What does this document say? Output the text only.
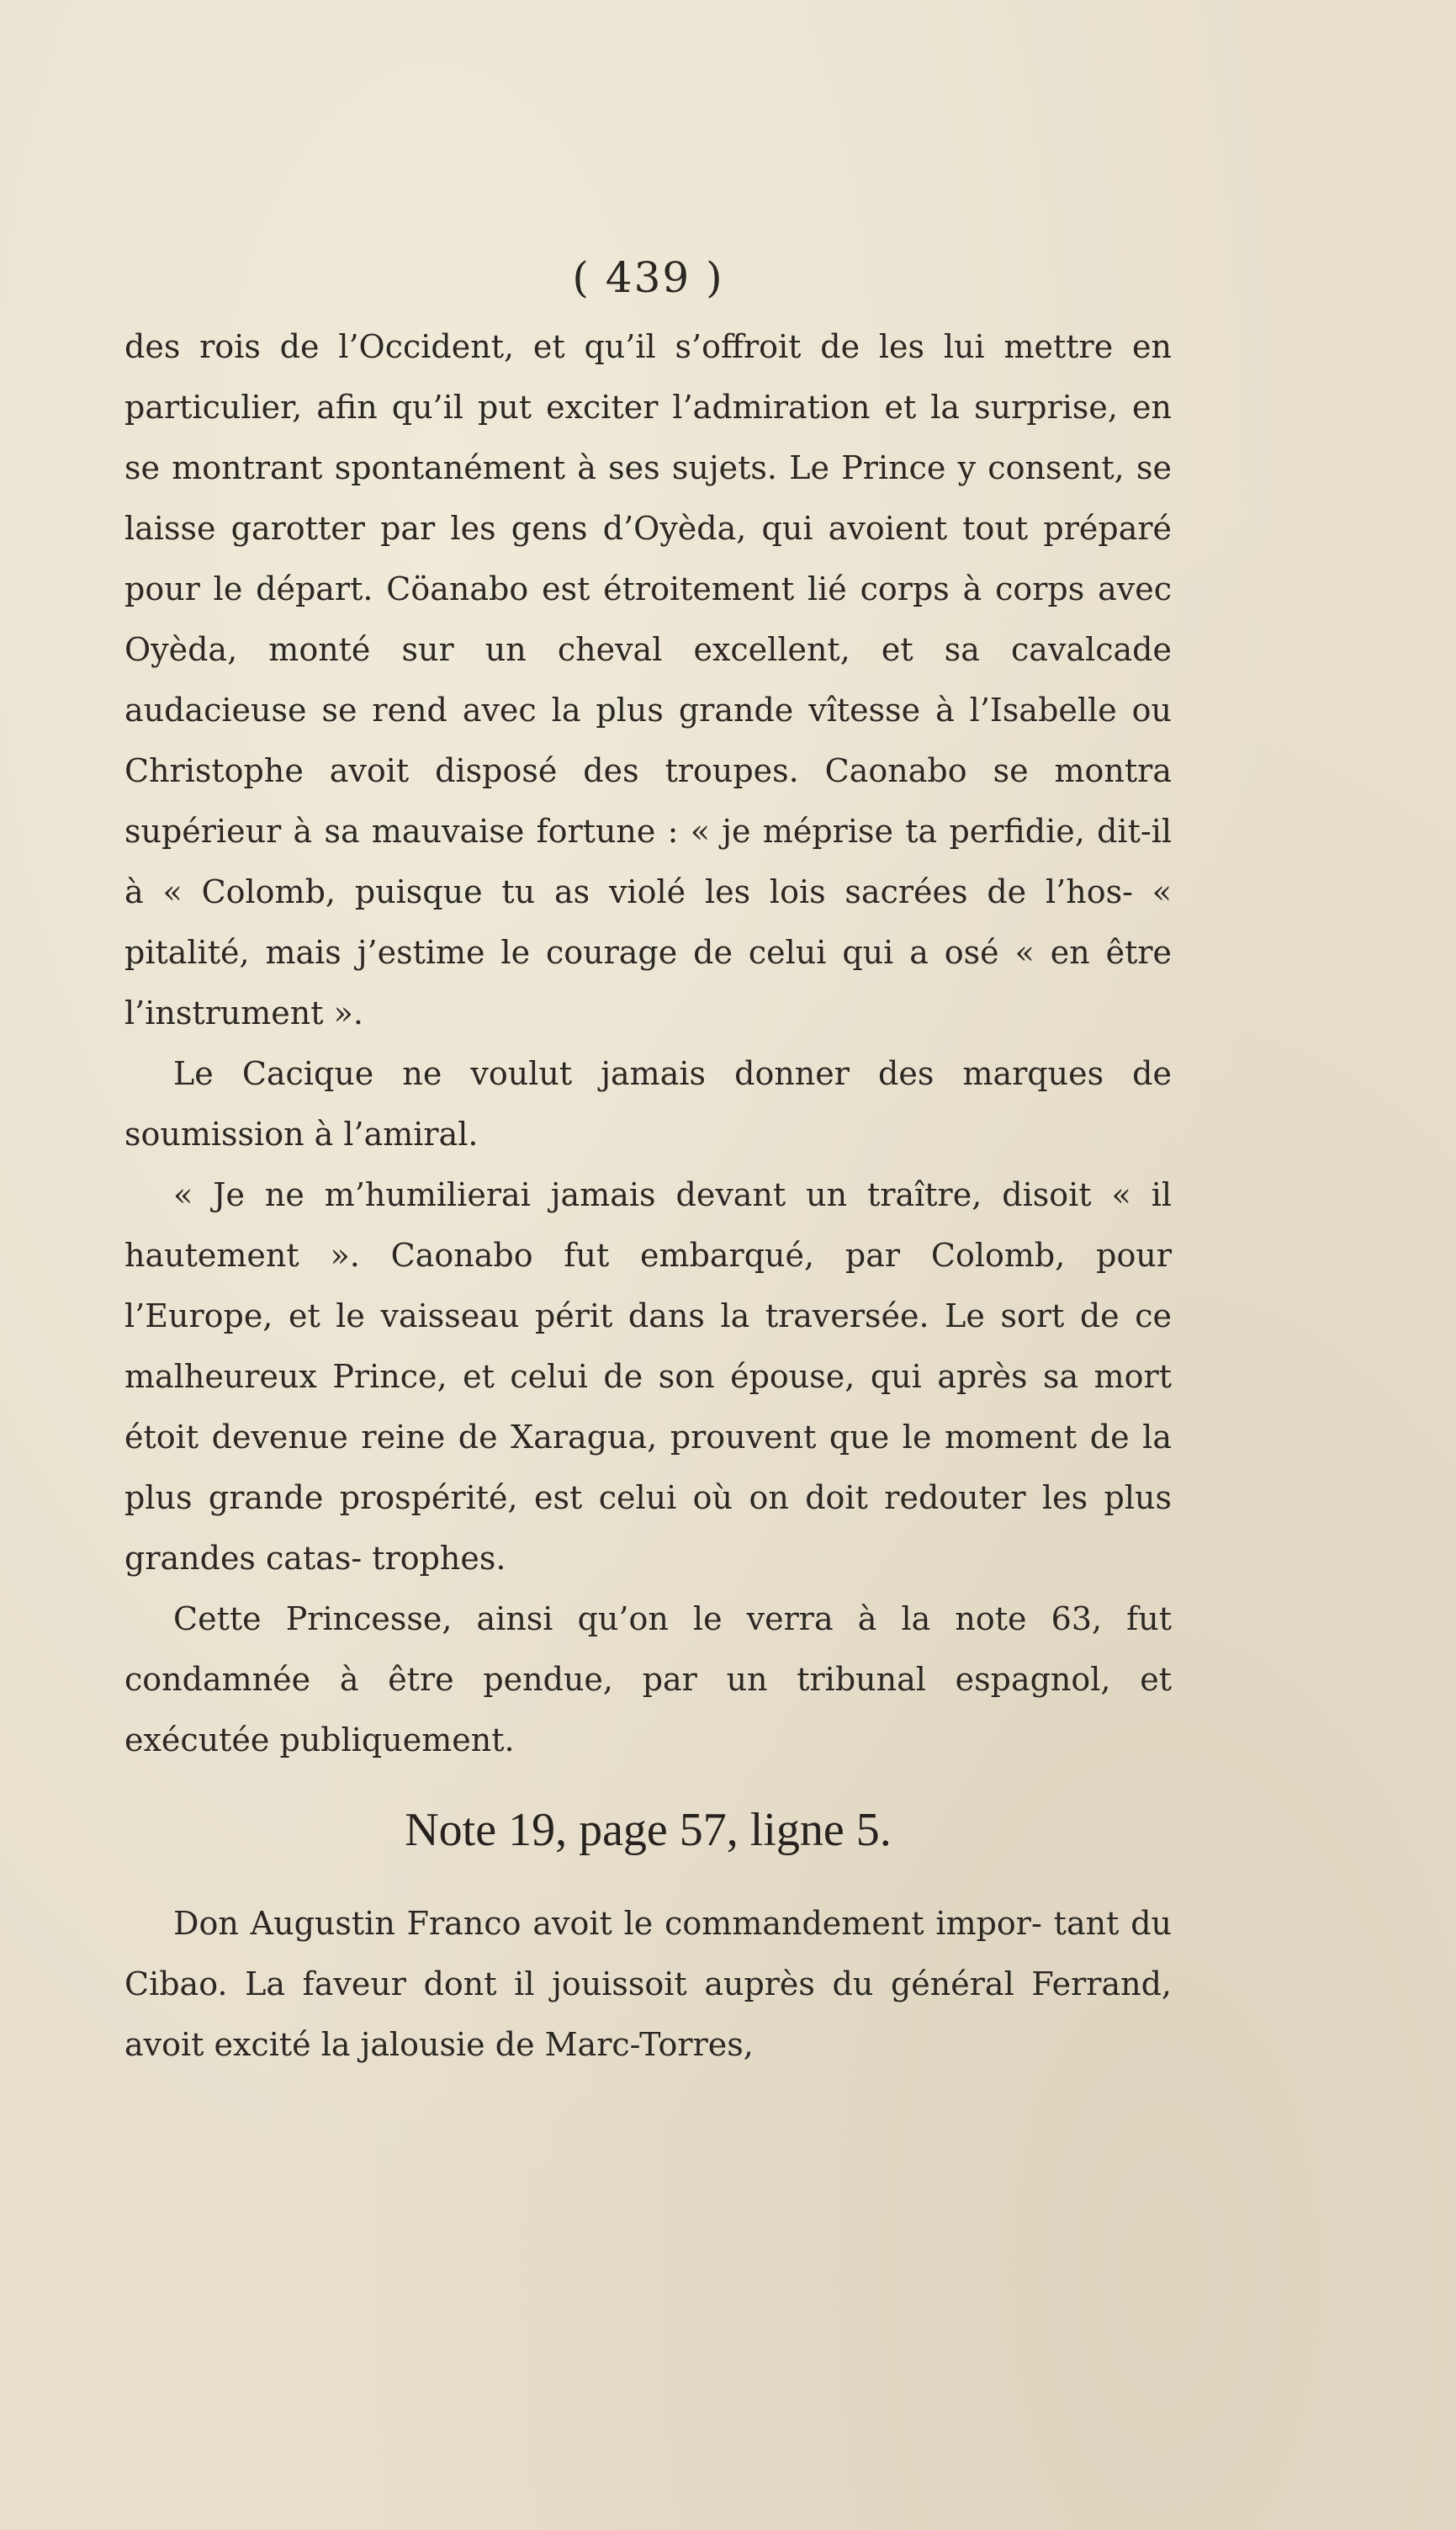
( 439 )

des rois de l’Occident, et qu’il s’offroit de les lui mettre en particulier, afin qu’il put exciter l’admiration et la surprise, en se montrant spontanément à ses sujets. Le Prince y consent, se laisse garotter par les gens d’Oyèda, qui avoient tout préparé pour le départ. Cöanabo est étroitement lié corps à corps avec Oyèda, monté sur un cheval excellent, et sa cavalcade audacieuse se rend avec la plus grande vîtesse à l’Isabelle ou Christophe avoit disposé des troupes. Caonabo se montra supérieur à sa mauvaise fortune : « je méprise ta perfidie, dit-il à « Colomb, puisque tu as violé les lois sacrées de l’hos- « pitalité, mais j’estime le courage de celui qui a osé « en être l’instrument ».

Le Cacique ne voulut jamais donner des marques de soumission à l’amiral.

« Je ne m’humilierai jamais devant un traître, disoit « il hautement ». Caonabo fut embarqué, par Colomb, pour l’Europe, et le vaisseau périt dans la traversée. Le sort de ce malheureux Prince, et celui de son épouse, qui après sa mort étoit devenue reine de Xaragua, prouvent que le moment de la plus grande prospérité, est celui où on doit redouter les plus grandes catas- trophes.

Cette Princesse, ainsi qu’on le verra à la note 63, fut condamnée à être pendue, par un tribunal espagnol, et exécutée publiquement.

Note 19, page 57, ligne 5.

Don Augustin Franco avoit le commandement impor- tant du Cibao. La faveur dont il jouissoit auprès du général Ferrand, avoit excité la jalousie de Marc-Torres,
